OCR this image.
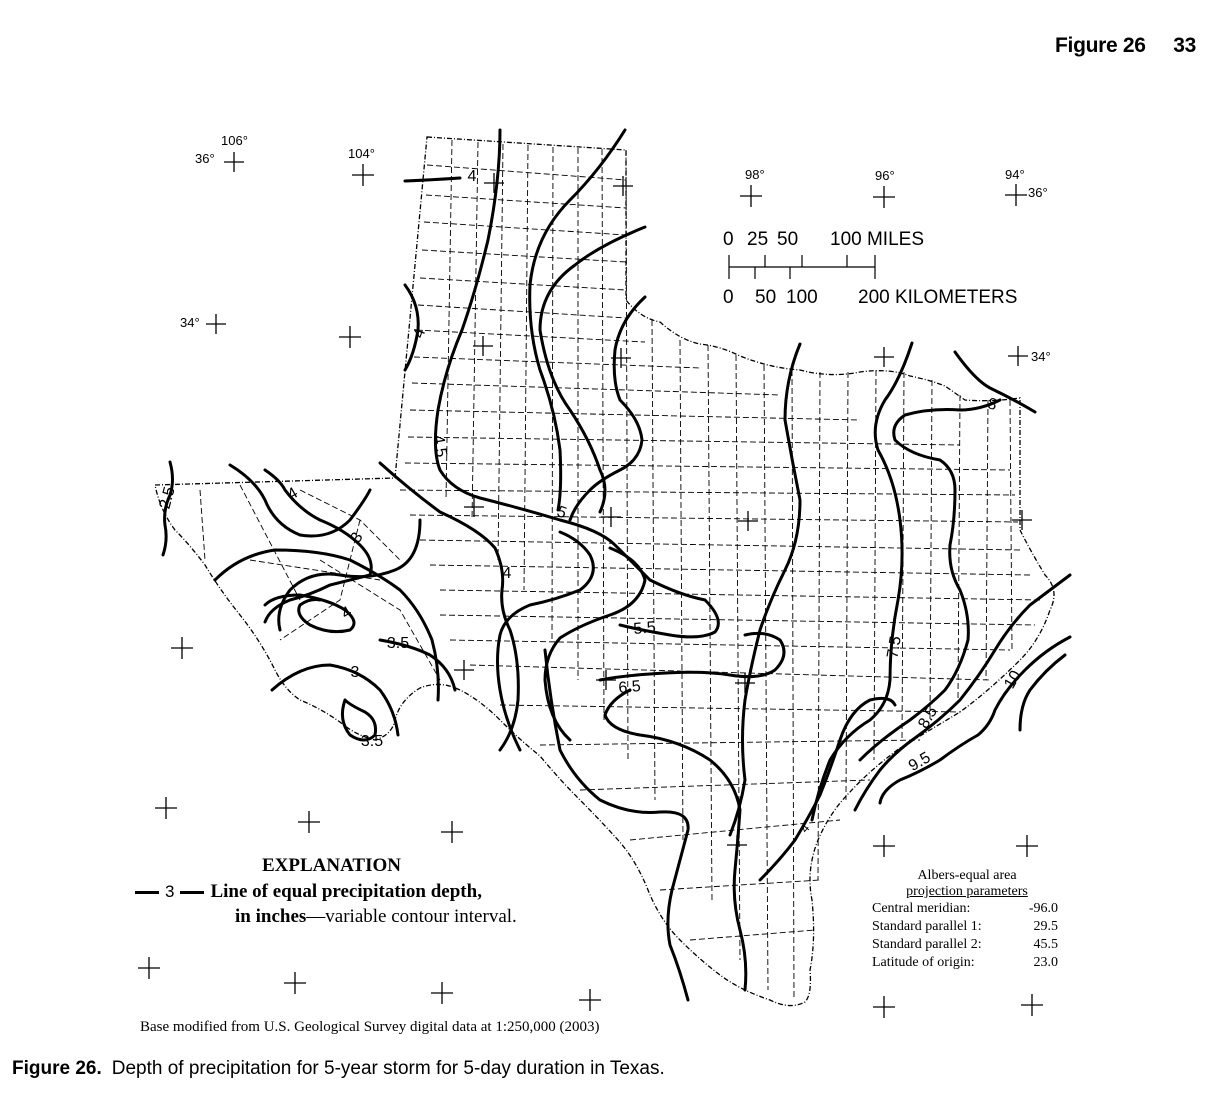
Figure 26 33
106°
36°	104°
98°	96°	94°
36°
34°
34°
0 25 50 100 MILES
0 50 100 200 KILOMETERS
4
4
4.5
5
4
4
3
4
3.5
3
3.5
2.5
5.5
6.5
7.5
8.5
9.5
10
8
4
EXPLANATION
3 Line of equal precipitation depth,
in inches—variable contour interval.
Albers-equal area
projection parameters
Central meridian:	-96.0
Standard parallel 1:	29.5
Standard parallel 2:	45.5
Latitude of origin:	23.0
Base modified from U.S. Geological Survey digital data at 1:250,000 (2003)
Figure 26. Depth of precipitation for 5-year storm for 5-day duration in Texas.
